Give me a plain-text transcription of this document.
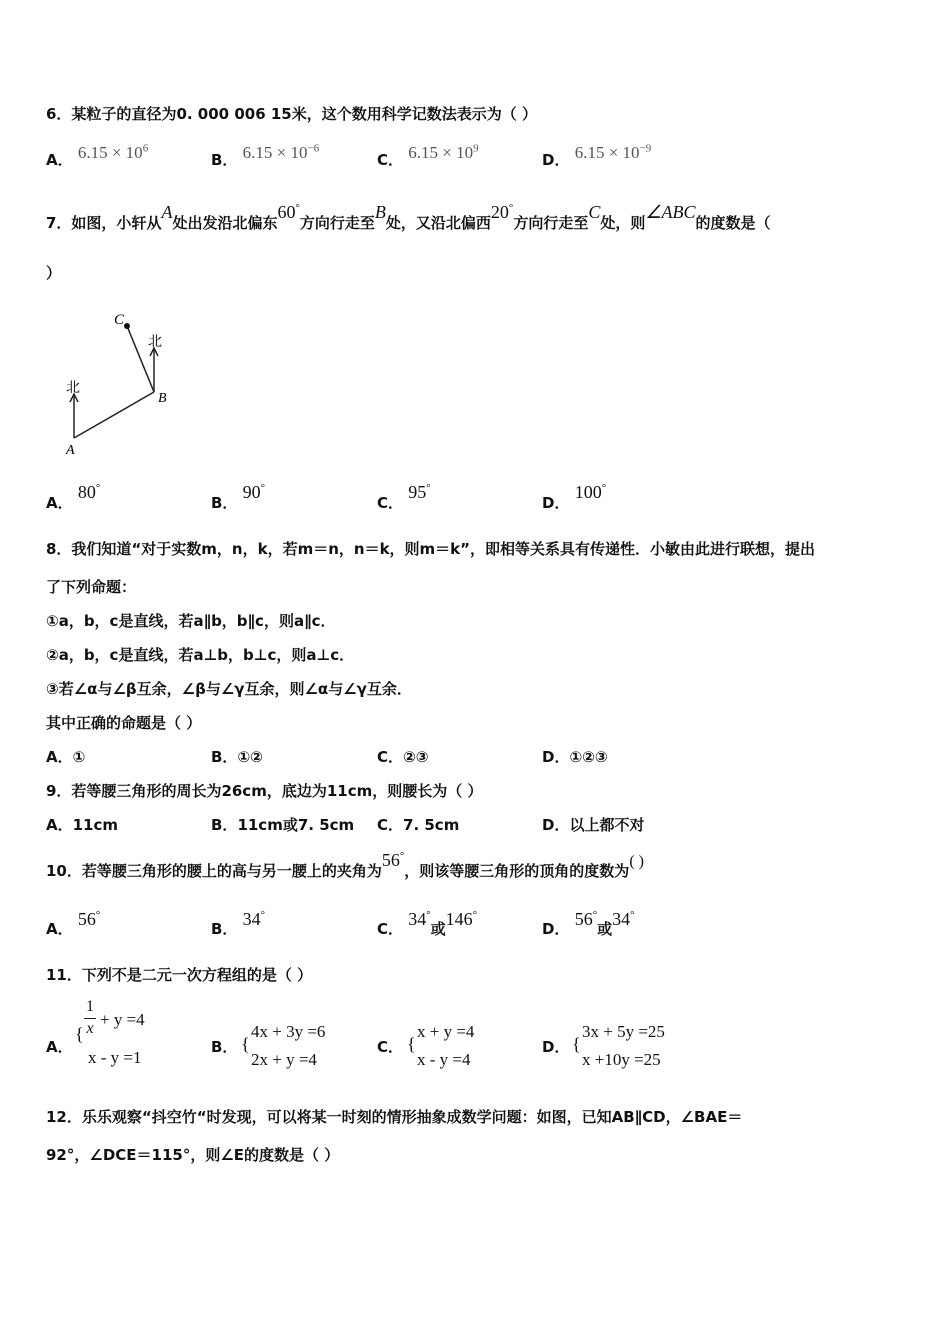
6．某粒子的直径为0. 000 006 15米，这个数用科学记数法表示为（ ）
A． $6.15 \times 10^6$
B． $6.15 \times 10^{-6}$
C． $6.15 \times 10^9$
D． $6.15 \times 10^{-9}$
7．如图，小轩从A处出发沿北偏东60°方向行走至B处，又沿北偏西20°方向行走至C处，则∠ABC的度数是（
）
C
B
A
北
北
A． 80°
B． 90°
C． 95°
D． 100°
8．我们知道“对于实数m，n，k，若m＝n，n＝k，则m＝k”，即相等关系具有传递性．小敏由此进行联想，提出
了下列命题：
①a，b，c是直线，若a∥b，b∥c，则a∥c．
②a，b，c是直线，若a⊥b，b⊥c，则a⊥c．
③若∠α与∠β互余，∠β与∠γ互余，则∠α与∠γ互余．
其中正确的命题是（ ）
A．①	B．①②	C．②③	D．①②③
9．若等腰三角形的周长为26cm，底边为11cm，则腰长为（ ）
A．11cm	B．11cm或7. 5cm C．7. 5cm	D．以上都不对
10．若等腰三角形的腰上的高与另一腰上的夹角为56°，则该等腰三角形的顶角的度数为( )
A． 56°
B． 34°
C． 34°或146°
D． 56°或34°
11．下列不是二元一次方程组的是（ ）
A．
{
1
x + y =4
x - y =1
B． {
4x + 3y =6
2x + y =4
C． {
x + y =4
x - y =4
D． {
3x + 5y =25
x +10y =25
12．乐乐观察“抖空竹“时发现，可以将某一时刻的情形抽象成数学问题：如图，已知AB∥CD，∠BAE＝
92°，∠DCE＝115°，则∠E的度数是（ ）
